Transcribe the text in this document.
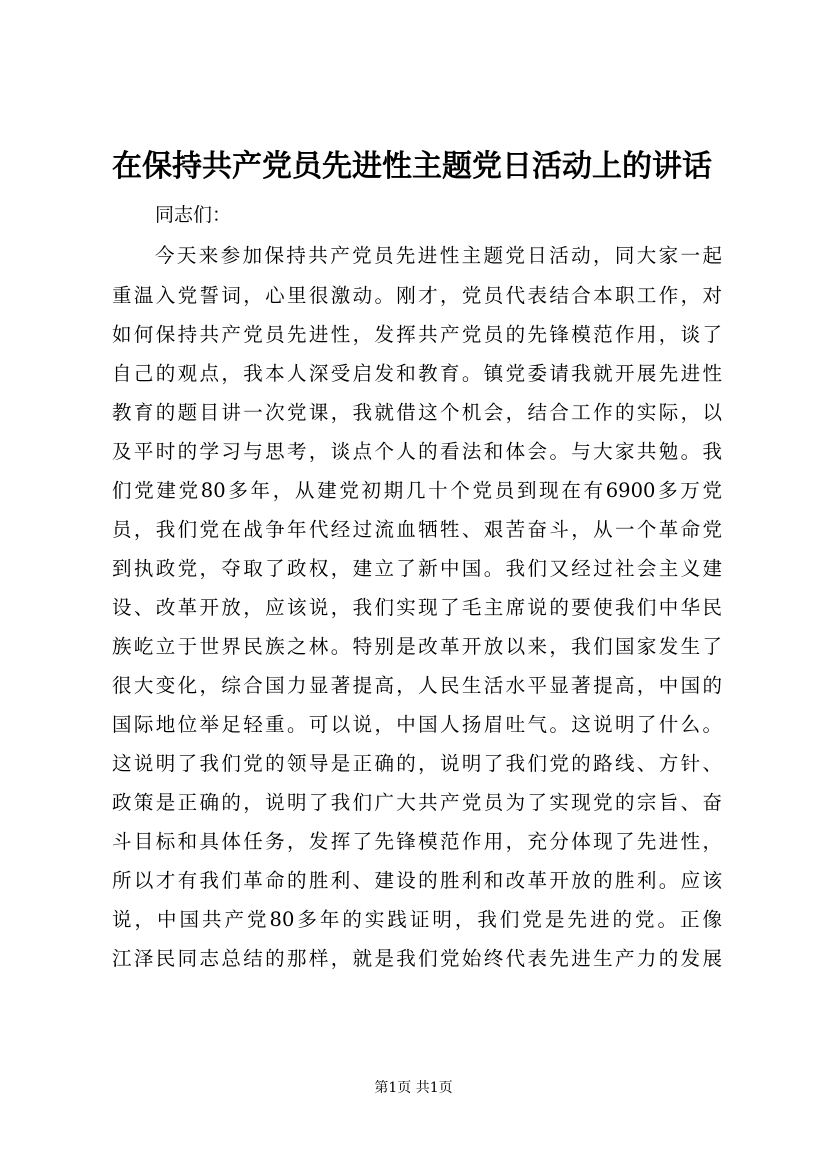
在保持共产党员先进性主题党日活动上的讲话

同志们：

今天来参加保持共产党员先进性主题党日活动，同大家一起

重温入党誓词，心里很激动。刚才，党员代表结合本职工作，对

如何保持共产党员先进性，发挥共产党员的先锋模范作用，谈了

自己的观点，我本人深受启发和教育。镇党委请我就开展先进性

教育的题目讲一次党课，我就借这个机会，结合工作的实际，以

及平时的学习与思考，谈点个人的看法和体会。与大家共勉。我

们党建党80多年，从建党初期几十个党员到现在有6900多万党

员，我们党在战争年代经过流血牺牲、艰苦奋斗，从一个革命党

到执政党，夺取了政权，建立了新中国。我们又经过社会主义建

设、改革开放，应该说，我们实现了毛主席说的要使我们中华民

族屹立于世界民族之林。特别是改革开放以来，我们国家发生了

很大变化，综合国力显著提高，人民生活水平显著提高，中国的

国际地位举足轻重。可以说，中国人扬眉吐气。这说明了什么。

这说明了我们党的领导是正确的，说明了我们党的路线、方针、

政策是正确的，说明了我们广大共产党员为了实现党的宗旨、奋

斗目标和具体任务，发挥了先锋模范作用，充分体现了先进性，

所以才有我们革命的胜利、建设的胜利和改革开放的胜利。应该

说，中国共产党80多年的实践证明，我们党是先进的党。正像

江泽民同志总结的那样，就是我们党始终代表先进生产力的发展

第1页 共1页
